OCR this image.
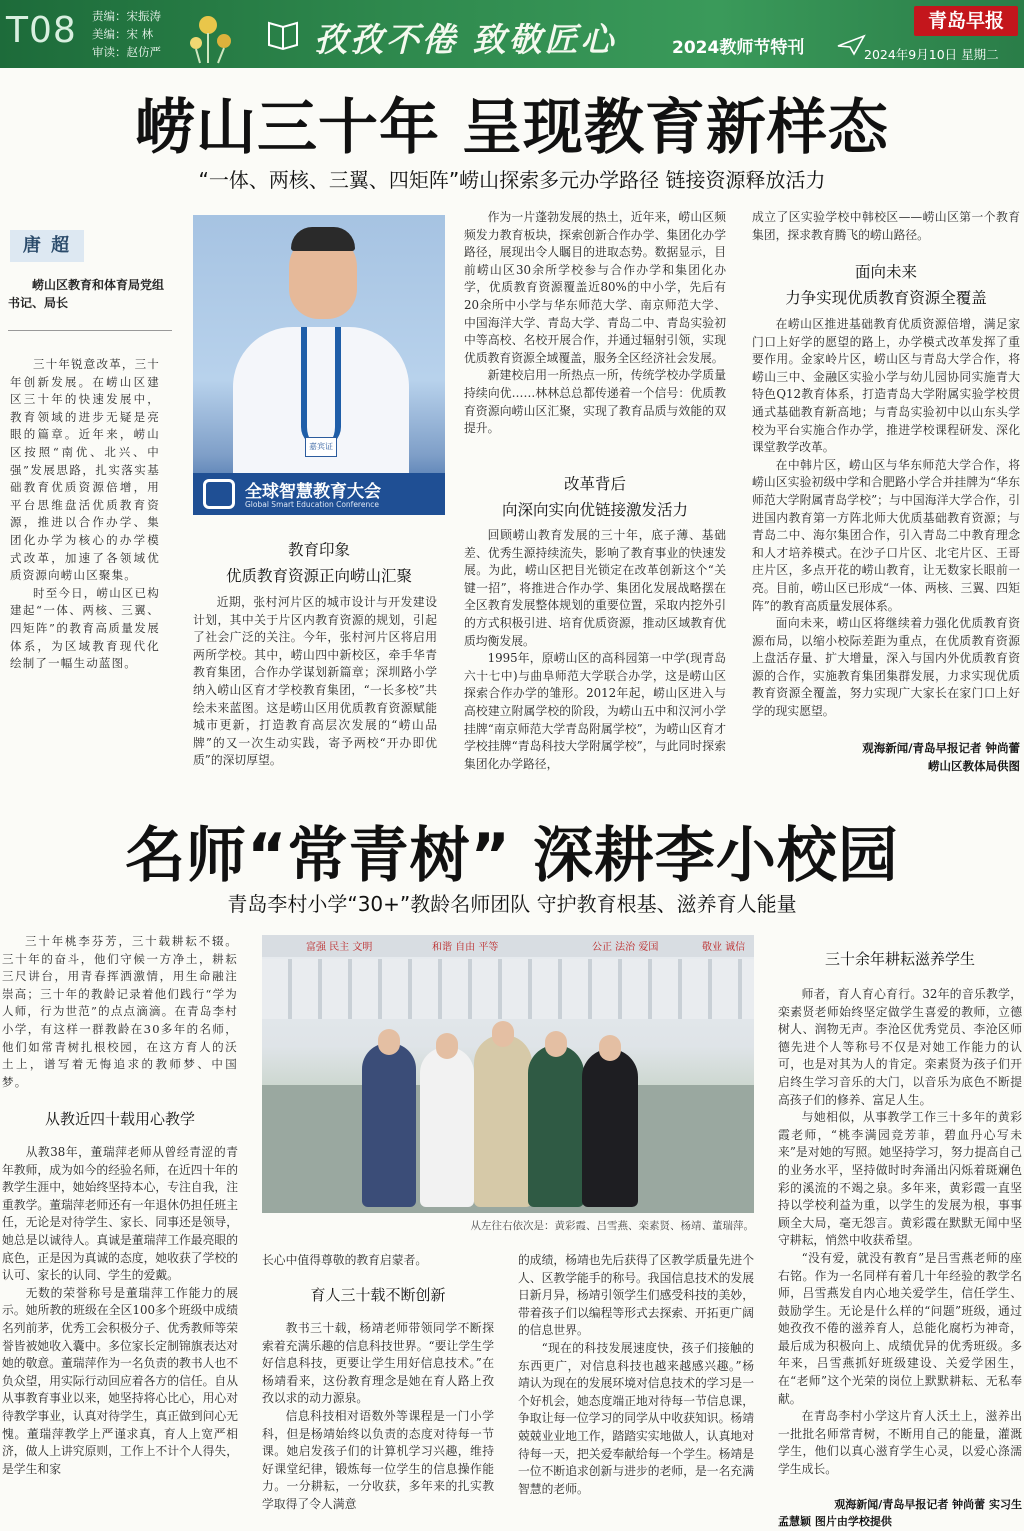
T08 责编：宋振涛
美编：宋 林
审读：赵仿严	孜孜不倦 致敬匠心	2024教师节特刊
青岛早报
2024年9月10日 星期二
崂山三十年 呈现教育新样态
“一体、两核、三翼、四矩阵”崂山探索多元办学路径 链接资源释放活力
唐 超
崂山区教育和体育局党组书记、局长

三十年锐意改革，三十年创新发展。在崂山区建区三十年的快速发展中，教育领域的进步无疑是亮眼的篇章。近年来，崂山区按照“南优、北兴、中强”发展思路，扎实落实基础教育优质资源倍增，用平台思维盘活优质教育资源，推进以合作办学、集团化办学为核心的办学模式改革，加速了各领域优质资源向崂山区聚集。

时至今日，崂山区已构建起“一体、两核、三翼、四矩阵”的教育高质量发展体系，为区域教育现代化绘制了一幅生动蓝图。

嘉宾证
全球智慧教育大会
Global Smart Education Conference
教育印象
优质教育资源正向崂山汇聚

近期，张村河片区的城市设计与开发建设计划，其中关于片区内教育资源的规划，引起了社会广泛的关注。今年，张村河片区将启用两所学校。其中，崂山四中新校区，牵手华青教育集团，合作办学谋划新篇章；深圳路小学纳入崂山区育才学校教育集团，“一长多校”共绘未来蓝图。这是崂山区用优质教育资源赋能城市更新，打造教育高层次发展的“崂山品牌”的又一次生动实践，寄予两校“开办即优质”的深切厚望。

作为一片蓬勃发展的热土，近年来，崂山区频频发力教育板块，探索创新合作办学、集团化办学路径，展现出令人瞩目的进取态势。数据显示，目前崂山区30余所学校参与合作办学和集团化办学，优质教育资源覆盖近80%的中小学，先后有20余所中小学与华东师范大学、南京师范大学、中国海洋大学、青岛大学、青岛二中、青岛实验初中等高校、名校开展合作，并通过辐射引领，实现优质教育资源全域覆盖，服务全区经济社会发展。

新建校启用一所热点一所，传统学校办学质量持续向优……林林总总都传递着一个信号：优质教育资源向崂山区汇聚，实现了教育品质与效能的双提升。

改革背后
向深向实向优链接激发活力

回顾崂山教育发展的三十年，底子薄、基础差、优秀生源持续流失，影响了教育事业的快速发展。为此，崂山区把目光锁定在改革创新这个“关键一招”，将推进合作办学、集团化发展战略摆在全区教育发展整体规划的重要位置，采取内挖外引的方式积极引进、培育优质资源，推动区域教育优质均衡发展。

1995年，原崂山区的高科园第一中学(现青岛六十七中)与曲阜师范大学联合办学，这是崂山区探索合作办学的雏形。2012年起，崂山区进入与高校建立附属学校的阶段，为崂山五中和汉河小学挂牌“南京师范大学青岛附属学校”，为崂山区育才学校挂牌“青岛科技大学附属学校”，与此同时探索集团化办学路径，

成立了区实验学校中韩校区——崂山区第一个教育集团，探求教育腾飞的崂山路径。

面向未来
力争实现优质教育资源全覆盖

在崂山区推进基础教育优质资源倍增，满足家门口上好学的愿望的路上，办学模式改革发挥了重要作用。金家岭片区，崂山区与青岛大学合作，将崂山三中、金融区实验小学与幼儿园协同实施青大特色Q12教育体系，打造青岛大学附属实验学校贯通式基础教育新高地；与青岛实验初中以山东头学校为平台实施合作办学，推进学校课程研发、深化课堂教学改革。

在中韩片区，崂山区与华东师范大学合作，将崂山区实验初级中学和合肥路小学合并挂牌为“华东师范大学附属青岛学校”；与中国海洋大学合作，引进国内教育第一方阵北师大优质基础教育资源；与青岛二中、海尔集团合作，引入青岛二中教育理念和人才培养模式。在沙子口片区、北宅片区、王哥庄片区，多点开花的崂山教育，让无数家长眼前一亮。目前，崂山区已形成“一体、两核、三翼、四矩阵”的教育高质量发展体系。

面向未来，崂山区将继续着力强化优质教育资源布局，以缩小校际差距为重点，在优质教育资源上盘活存量、扩大增量，深入与国内外优质教育资源的合作，实施教育集团集群发展，力求实现优质教育资源全覆盖，努力实现广大家长在家门口上好学的现实愿望。

观海新闻/青岛早报记者 钟尚蕾
崂山区教体局供图
名师“常青树” 深耕李小校园
青岛李村小学“30+”教龄名师团队 守护教育根基、滋养育人能量

三十年桃李芬芳，三十载耕耘不辍。三十年的奋斗，他们守候一方净土，耕耘三尺讲台，用青春挥洒激情，用生命融注崇高；三十年的教龄记录着他们践行“学为人师，行为世范”的点点滴滴。在青岛李村小学，有这样一群教龄在30多年的名师，他们如常青树扎根校园，在这方育人的沃土上，谱写着无悔追求的教师梦、中国梦。

从教近四十载用心教学

从教38年，董瑞萍老师从曾经青涩的青年教师，成为如今的经验名师，在近四十年的教学生涯中，她始终坚持本心，专注自我，注重教学。董瑞萍老师还有一年退休仍担任班主任，无论是对待学生、家长、同事还是领导，她总是以诚待人。真诚是董瑞萍工作最亮眼的底色，正是因为真诚的态度，她收获了学校的认可、家长的认同、学生的爱戴。

无数的荣誉称号是董瑞萍工作能力的展示。她所教的班级在全区100多个班级中成绩名列前茅，优秀工会积极分子、优秀教师等荣誉皆被她收入囊中。多位家长定制锦旗表达对她的敬意。董瑞萍作为一名负责的教书人也不负众望，用实际行动回应着各方的信任。自从从事教育事业以来，她坚持将心比心，用心对待教学事业，认真对待学生，真正做到问心无愧。董瑞萍教学上严谨求真，育人上宽严相济，做人上讲究原则，工作上不计个人得失，是学生和家

富强 民主 文明	和谐 自由 平等	公正 法治 爱国	敬业 诚信
从左往右依次是：黄彩霞、吕雪燕、栾素贤、杨靖、董瑞萍。

长心中值得尊敬的教育启蒙者。

育人三十载不断创新

教书三十载，杨靖老师带领同学不断探索着充满乐趣的信息科技世界。“要让学生学好信息科技，更要让学生用好信息技术。”在杨靖看来，这份教育理念是她在育人路上孜孜以求的动力源泉。

信息科技相对语数外等课程是一门小学科，但是杨靖始终以负责的态度对待每一节课。她启发孩子们的计算机学习兴趣，维持好课堂纪律，锻炼每一位学生的信息操作能力。一分耕耘，一分收获，多年来的扎实教学取得了令人满意

的成绩，杨靖也先后获得了区教学质量先进个人、区教学能手的称号。我国信息技术的发展日新月异，杨靖引领学生们感受科技的美妙，带着孩子们以编程等形式去探索、开拓更广阔的信息世界。

“现在的科技发展速度快，孩子们接触的东西更广，对信息科技也越来越感兴趣。”杨靖认为现在的发展环境对信息技术的学习是一个好机会，她态度端正地对待每一节信息课，争取让每一位学习的同学从中收获知识。杨靖兢兢业业地工作，踏踏实实地做人，认真地对待每一天，把关爱奉献给每一个学生。杨靖是一位不断追求创新与进步的老师，是一名充满智慧的老师。

三十余年耕耘滋养学生

师者，育人育心育行。32年的音乐教学，栾素贤老师始终坚定做学生喜爱的教师，立德树人、润物无声。李沧区优秀党员、李沧区师德先进个人等称号不仅是对她工作能力的认可，也是对其为人的肯定。栾素贤为孩子们开启终生学习音乐的大门，以音乐为底色不断提高孩子们的修养、富足人生。

与她相似，从事教学工作三十多年的黄彩霞老师，“桃李满园竞芳菲，碧血丹心写未来”是对她的写照。她坚持学习，努力提高自己的业务水平，坚持做时时奔涌出闪烁着斑斓色彩的溪流的不竭之泉。多年来，黄彩霞一直坚持以学校利益为重，以学生的发展为根，事事顾全大局，毫无怨言。黄彩霞在默默无闻中坚守耕耘，悄然中收获希望。

“没有爱，就没有教育”是吕雪燕老师的座右铭。作为一名同样有着几十年经验的教学名师，吕雪燕发自内心地关爱学生，信任学生、鼓励学生。无论是什么样的“问题”班级，通过她孜孜不倦的滋养育人，总能化腐朽为神奇，最后成为积极向上、成绩优异的优秀班级。多年来，吕雪燕抓好班级建设、关爱学困生，在“老师”这个光荣的岗位上默默耕耘、无私奉献。

在青岛李村小学这片育人沃土上，滋养出一批批名师常青树，不断用自己的能量，灌溉学生，他们以真心滋育学生心灵，以爱心涤濡学生成长。

观海新闻/青岛早报记者 钟尚蕾 实习生
孟慧颖 图片由学校提供
